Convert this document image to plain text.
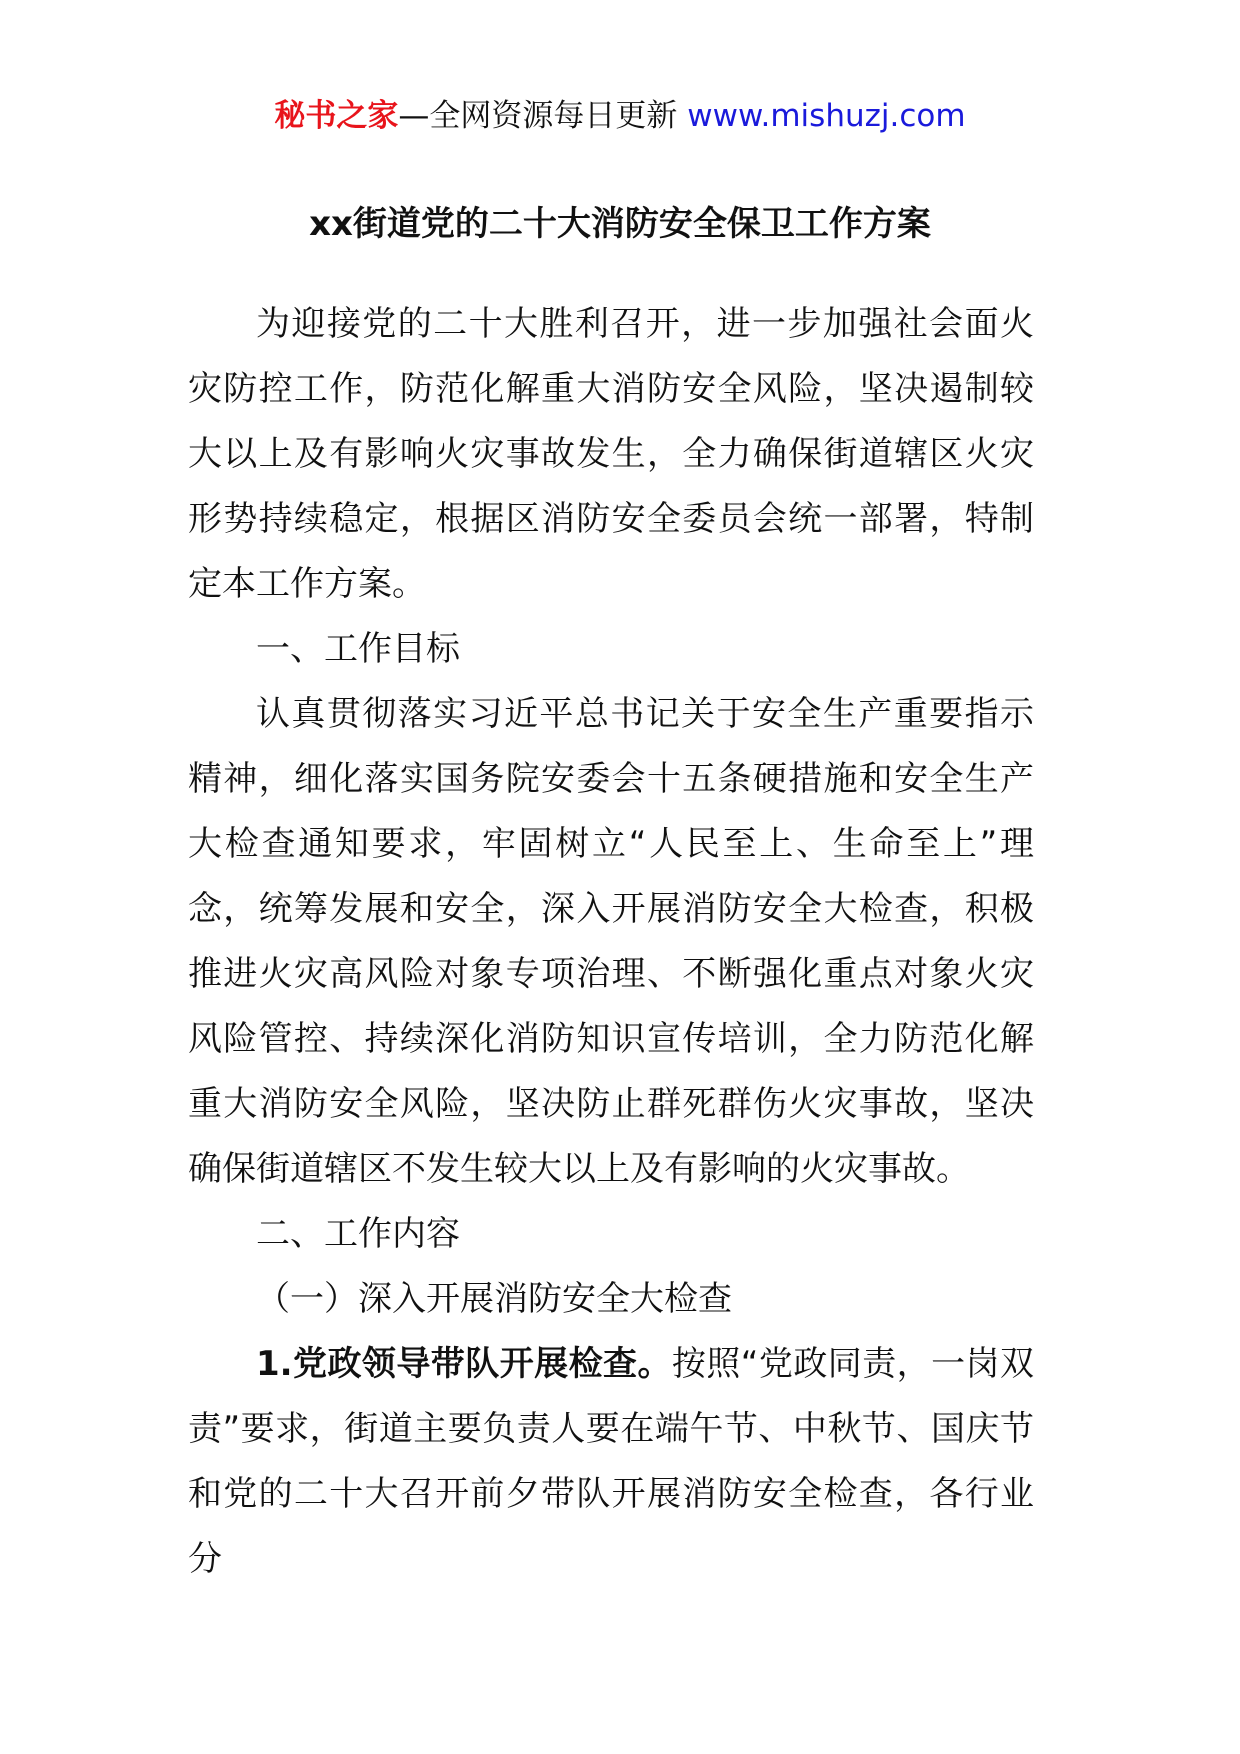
秘书之家—全网资源每日更新 www.mishuzj.com
xx街道党的二十大消防安全保卫工作方案

为迎接党的二十大胜利召开，进一步加强社会面火灾防控工作，防范化解重大消防安全风险，坚决遏制较大以上及有影响火灾事故发生，全力确保街道辖区火灾形势持续稳定，根据区消防安全委员会统一部署，特制定本工作方案。

一、工作目标

认真贯彻落实习近平总书记关于安全生产重要指示精神，细化落实国务院安委会十五条硬措施和安全生产大检查通知要求，牢固树立“人民至上、生命至上”理念，统筹发展和安全，深入开展消防安全大检查，积极推进火灾高风险对象专项治理、不断强化重点对象火灾风险管控、持续深化消防知识宣传培训，全力防范化解重大消防安全风险，坚决防止群死群伤火灾事故，坚决确保街道辖区不发生较大以上及有影响的火灾事故。

二、工作内容

（一）深入开展消防安全大检查

1.党政领导带队开展检查。按照“党政同责，一岗双责”要求，街道主要负责人要在端午节、中秋节、国庆节和党的二十大召开前夕带队开展消防安全检查，各行业分
